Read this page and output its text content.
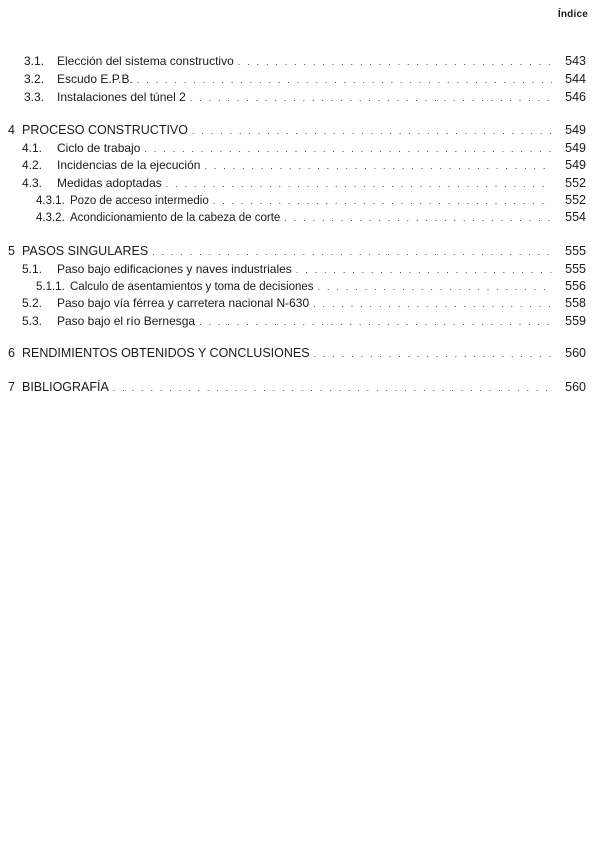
Índice
3.1.	Elección del sistema constructivo . . .	543
3.2.	Escudo E.P.B. . . .	544
3.3.	Instalaciones del túnel 2 . . .	546
4 PROCESO CONSTRUCTIVO . . .	549
4.1.	Ciclo de trabajo . . .	549
4.2.	Incidencias de la ejecución . . .	549
4.3.	Medidas adoptadas . . .	552
4.3.1. Pozo de acceso intermedio . . .	552
4.3.2. Acondicionamiento de la cabeza de corte . . .	554
5 PASOS SINGULARES . . .	555
5.1.	Paso bajo edificaciones y naves industriales . . .	555
5.1.1. Calculo de asentamientos y toma de decisiones . . .	556
5.2.	Paso bajo vía férrea y carretera nacional N-630 . . .	558
5.3.	Paso bajo el río Bernesga . . .	559
6 RENDIMIENTOS OBTENIDOS Y CONCLUSIONES . . .	560
7 BIBLIOGRAFÍA . . .	560
